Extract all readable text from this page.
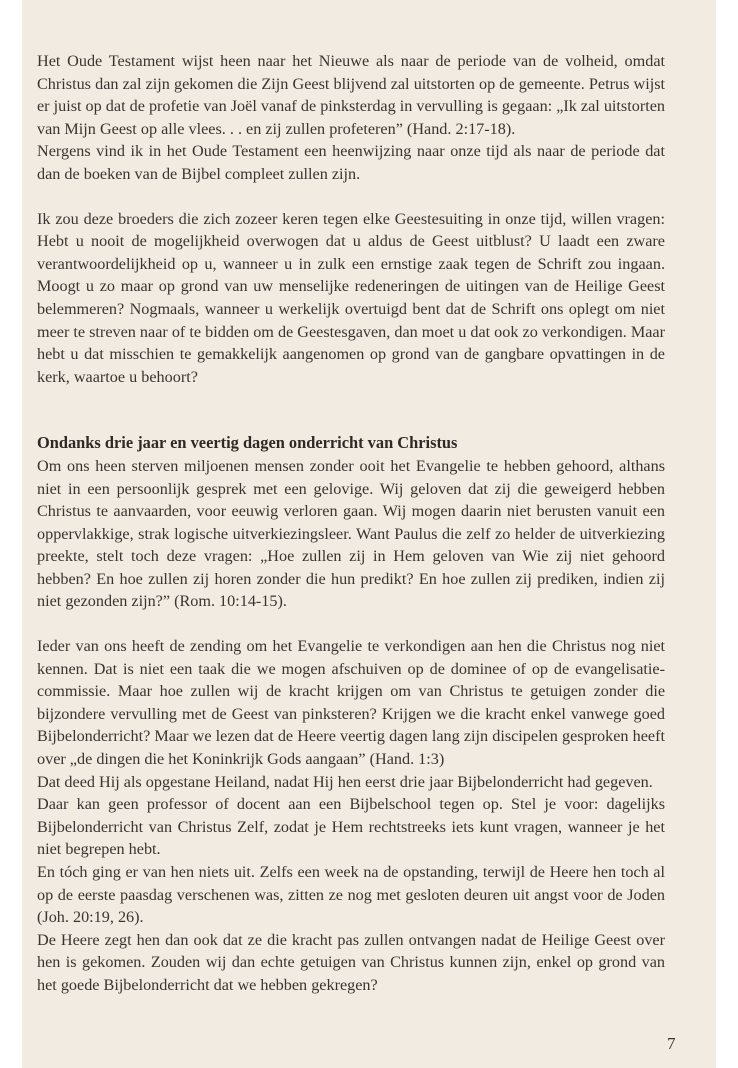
Het Oude Testament wijst heen naar het Nieuwe als naar de periode van de volheid, omdat Christus dan zal zijn gekomen die Zijn Geest blijvend zal uitstorten op de gemeente. Petrus wijst er juist op dat de profetie van Joël vanaf de pinksterdag in vervulling is gegaan: „Ik zal uitstorten van Mijn Geest op alle vlees. . . en zij zullen profeteren” (Hand. 2:17-18).

Nergens vind ik in het Oude Testament een heenwijzing naar onze tijd als naar de periode dat dan de boeken van de Bijbel compleet zullen zijn.

Ik zou deze broeders die zich zozeer keren tegen elke Geestesuiting in onze tijd, willen vragen: Hebt u nooit de mogelijkheid overwogen dat u aldus de Geest uitblust? U laadt een zware verantwoordelijkheid op u, wanneer u in zulk een ernstige zaak tegen de Schrift zou ingaan. Moogt u zo maar op grond van uw menselijke redeneringen de uitingen van de Heilige Geest belemmeren? Nogmaals, wanneer u werkelijk overtuigd bent dat de Schrift ons oplegt om niet meer te streven naar of te bidden om de Geestesgaven, dan moet u dat ook zo verkondigen. Maar hebt u dat misschien te gemakkelijk aangenomen op grond van de gangbare opvattingen in de kerk, waartoe u behoort?

Ondanks drie jaar en veertig dagen onderricht van Christus

Om ons heen sterven miljoenen mensen zonder ooit het Evangelie te hebben gehoord, althans niet in een persoonlijk gesprek met een gelovige. Wij geloven dat zij die geweigerd hebben Christus te aanvaarden, voor eeuwig verloren gaan. Wij mogen daarin niet berusten vanuit een oppervlakkige, strak logische uitverkiezingsleer. Want Paulus die zelf zo helder de uitverkiezing preekte, stelt toch deze vragen: „Hoe zullen zij in Hem geloven van Wie zij niet gehoord hebben? En hoe zullen zij horen zonder die hun predikt? En hoe zullen zij prediken, indien zij niet gezonden zijn?” (Rom. 10:14-15).

Ieder van ons heeft de zending om het Evangelie te verkondigen aan hen die Christus nog niet kennen. Dat is niet een taak die we mogen afschuiven op de dominee of op de evangelisatie-commissie. Maar hoe zullen wij de kracht krijgen om van Christus te getuigen zonder die bijzondere vervulling met de Geest van pinksteren? Krijgen we die kracht enkel vanwege goed Bijbelonderricht? Maar we lezen dat de Heere veertig dagen lang zijn discipelen gesproken heeft over „de dingen die het Koninkrijk Gods aangaan” (Hand. 1:3)

Dat deed Hij als opgestane Heiland, nadat Hij hen eerst drie jaar Bijbelonderricht had gegeven.

Daar kan geen professor of docent aan een Bijbelschool tegen op. Stel je voor: dagelijks Bijbelonderricht van Christus Zelf, zodat je Hem rechtstreeks iets kunt vragen, wanneer je het niet begrepen hebt.

En tóch ging er van hen niets uit. Zelfs een week na de opstanding, terwijl de Heere hen toch al op de eerste paasdag verschenen was, zitten ze nog met gesloten deuren uit angst voor de Joden (Joh. 20:19, 26).

De Heere zegt hen dan ook dat ze die kracht pas zullen ontvangen nadat de Heilige Geest over hen is gekomen. Zouden wij dan echte getuigen van Christus kunnen zijn, enkel op grond van het goede Bijbelonderricht dat we hebben gekregen?

7
